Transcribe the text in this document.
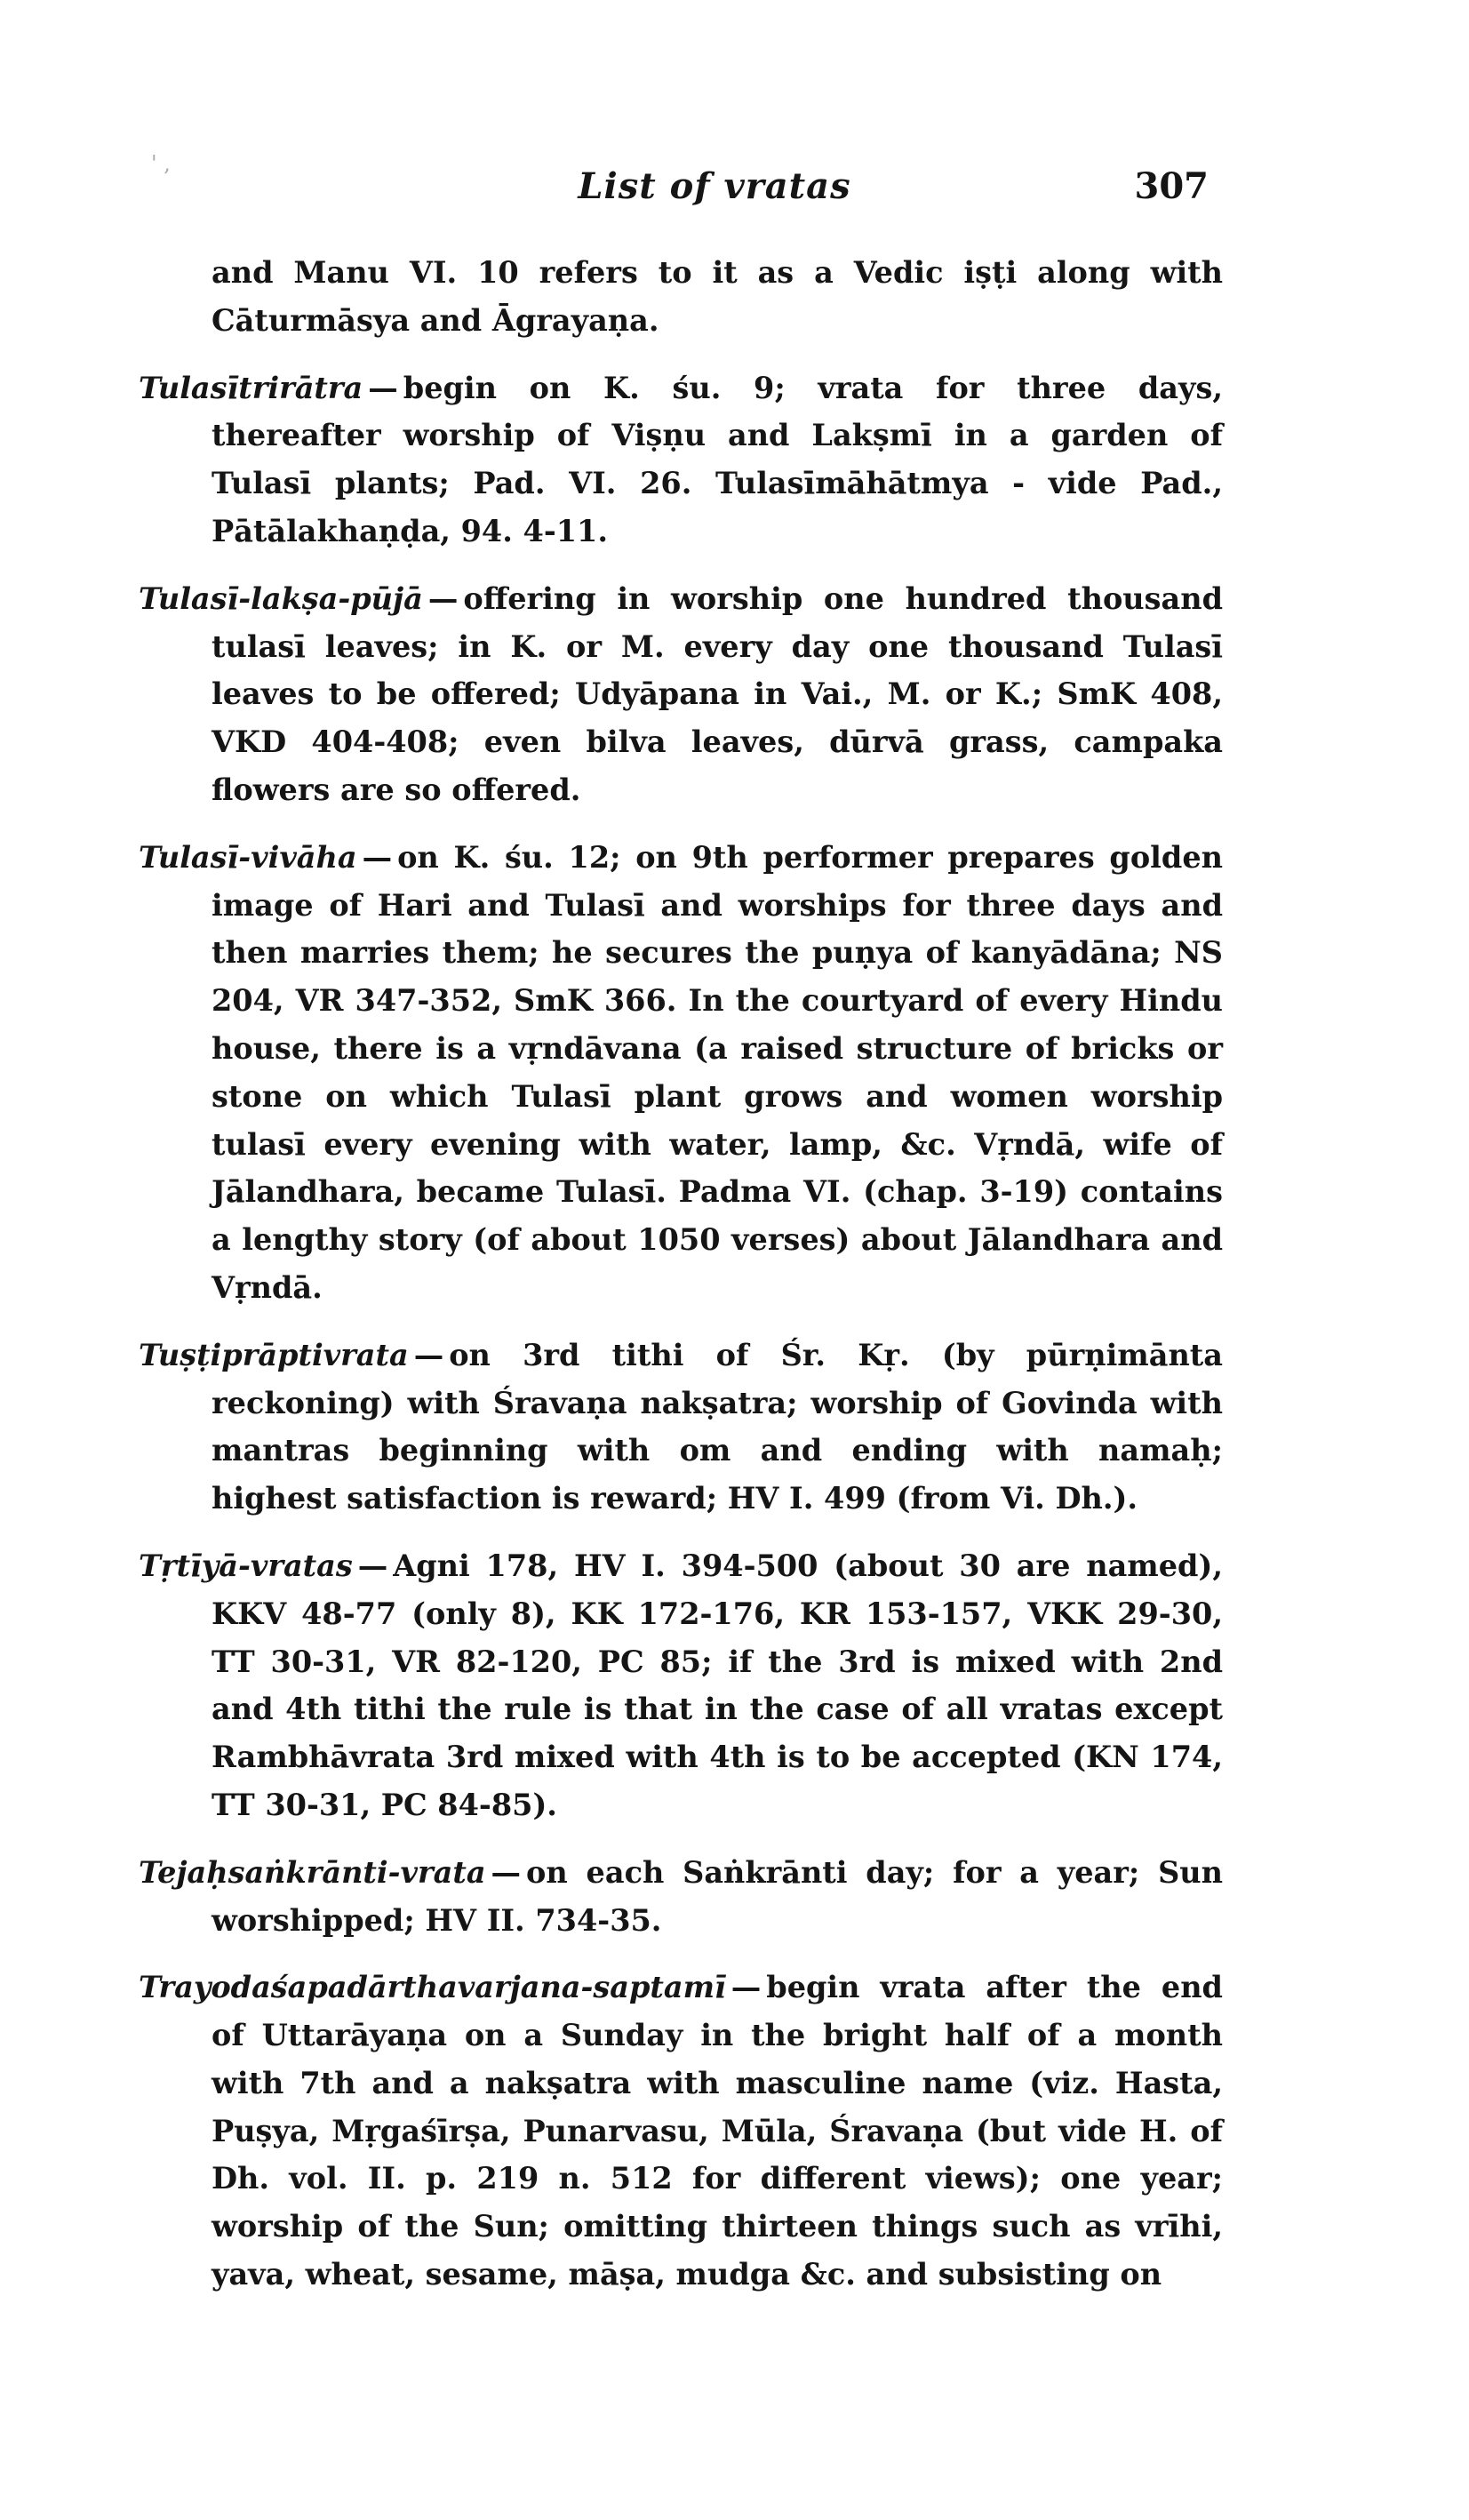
' ,
List of vratas	307

and Manu VI. 10 refers to it as a Vedic iṣṭi along with Cāturmāsya and Āgrayaṇa.

Tulasītrirātra — begin on K. śu. 9; vrata for three days, thereafter worship of Viṣṇu and Lakṣmī in a garden of Tulasī plants; Pad. VI. 26. Tulasīmāhātmya - vide Pad., Pātālakhaṇḍa, 94. 4-11.

Tulasī-lakṣa-pūjā — offering in worship one hundred thousand tulasī leaves; in K. or M. every day one thousand Tulasī leaves to be offered; Udyāpana in Vai., M. or K.; SmK 408, VKD 404-408; even bilva leaves, dūrvā grass, campaka flowers are so offered.

Tulasī-vivāha — on K. śu. 12; on 9th performer prepares golden image of Hari and Tulasī and worships for three days and then marries them; he secures the puṇya of kanyādāna; NS 204, VR 347-352, SmK 366. In the courtyard of every Hindu house, there is a vṛndāvana (a raised structure of bricks or stone on which Tulasī plant grows and women worship tulasī every evening with water, lamp, &c. Vṛndā, wife of Jālandhara, became Tulasī. Padma VI. (chap. 3-19) contains a lengthy story (of about 1050 verses) about Jālandhara and Vṛndā.

Tuṣṭiprāptivrata — on 3rd tithi of Śr. Kṛ. (by pūrṇimānta reckoning) with Śravaṇa nakṣatra; worship of Govinda with mantras beginning with om and ending with namaḥ; highest satisfaction is reward; HV I. 499 (from Vi. Dh.).

Tṛtīyā-vratas — Agni 178, HV I. 394-500 (about 30 are named), KKV 48-77 (only 8), KK 172-176, KR 153-157, VKK 29-30, TT 30-31, VR 82-120, PC 85; if the 3rd is mixed with 2nd and 4th tithi the rule is that in the case of all vratas except Rambhāvrata 3rd mixed with 4th is to be accepted (KN 174, TT 30-31, PC 84-85).

Tejaḥsaṅkrānti-vrata — on each Saṅkrānti day; for a year; Sun worshipped; HV II. 734-35.

Trayodaśapadārthavarjana-saptamī — begin vrata after the end of Uttarāyaṇa on a Sunday in the bright half of a month with 7th and a nakṣatra with masculine name (viz. Hasta, Puṣya, Mṛgaśīrṣa, Punarvasu, Mūla, Śravaṇa (but vide H. of Dh. vol. II. p. 219 n. 512 for different views); one year; worship of the Sun; omitting thirteen things such as vrīhi, yava, wheat, sesame, māṣa, mudga &c. and subsisting on
